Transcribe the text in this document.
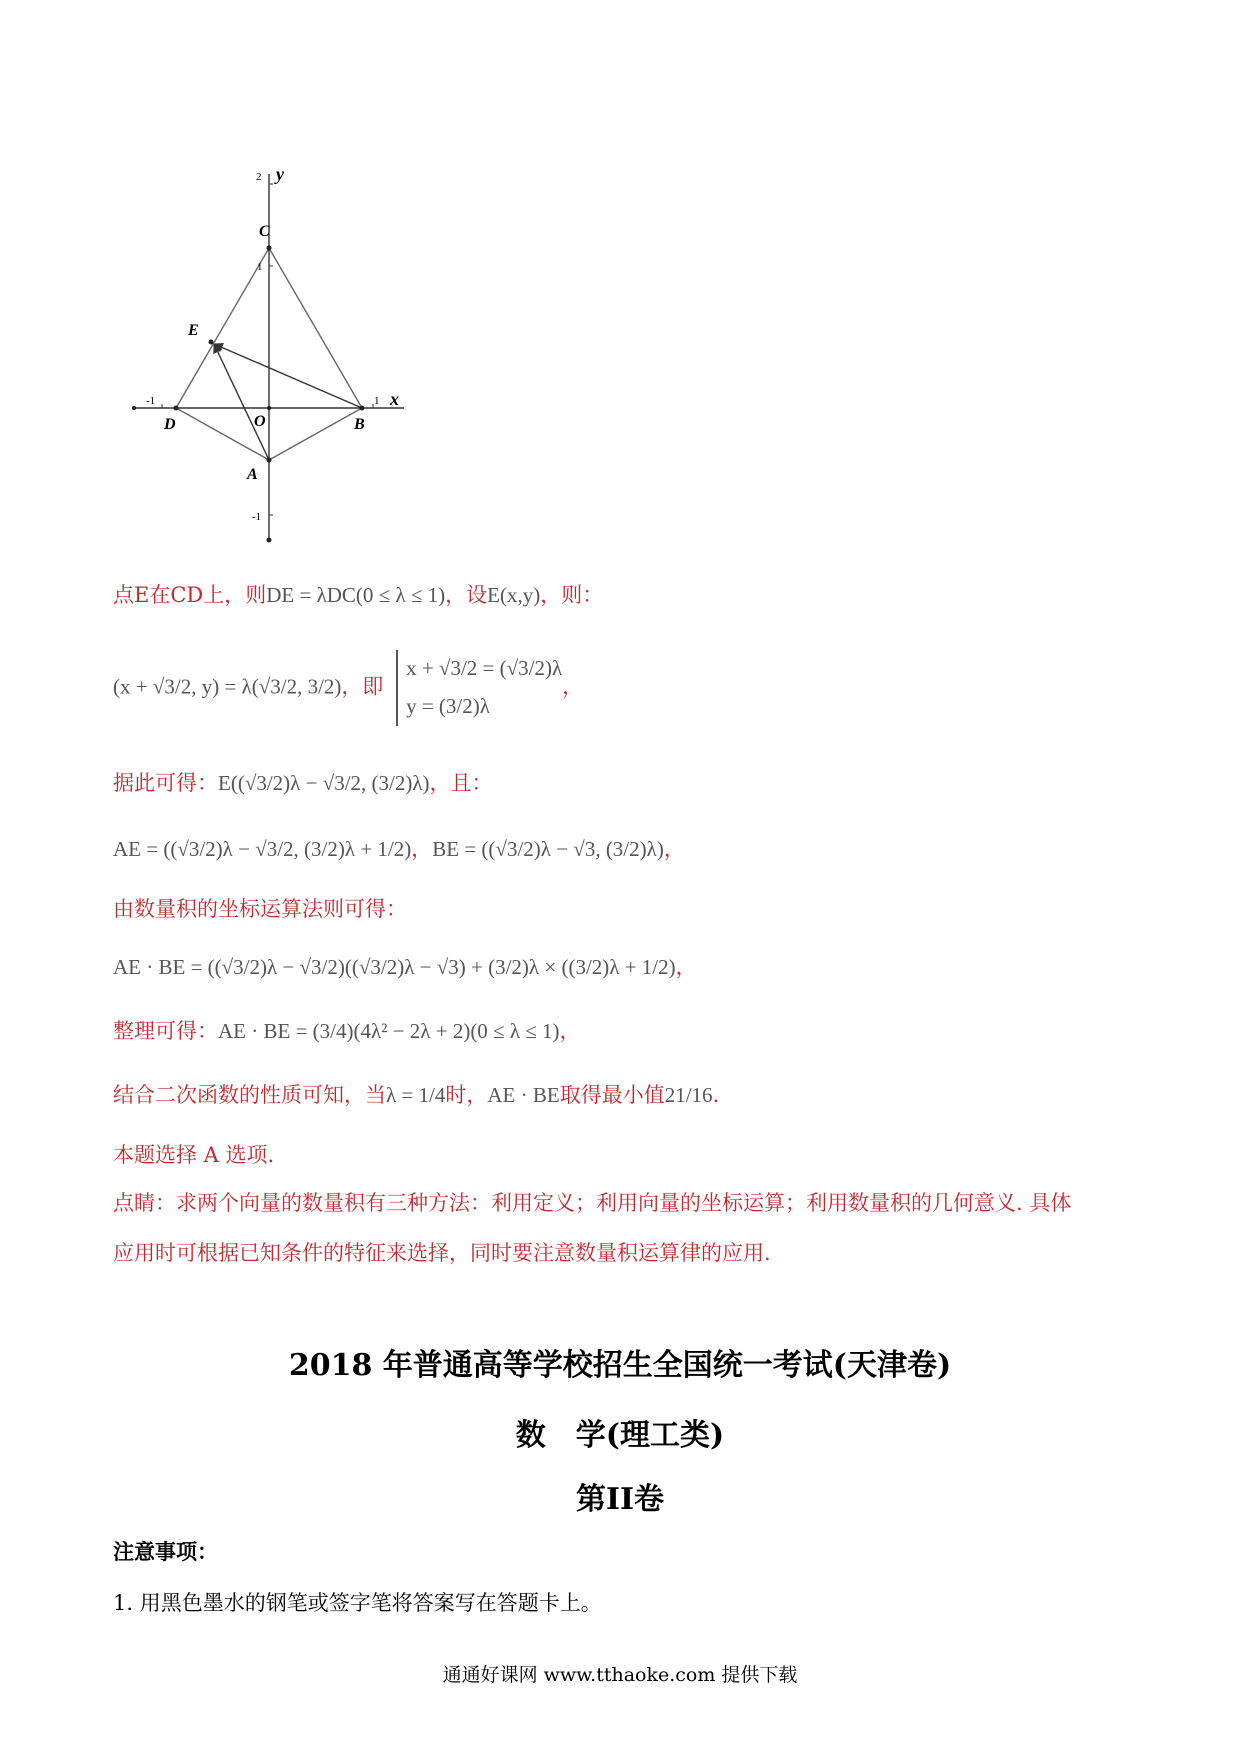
y
x
2
1
-1
-1	1
C
E
D	O	B
A
点E在CD上，则DE = λDC(0 ≤ λ ≤ 1)，设E(x,y)，则：
(x + √3/2, y) = λ(√3/2, 3/2)，即
x + √3/2 = (√3/2)λ
y = (3/2)λ
，
据此可得：E((√3/2)λ − √3/2, (3/2)λ)，且：
AE = ((√3/2)λ − √3/2, (3/2)λ + 1/2)，BE = ((√3/2)λ − √3, (3/2)λ)，
由数量积的坐标运算法则可得：
AE · BE = ((√3/2)λ − √3/2)((√3/2)λ − √3) + (3/2)λ × ((3/2)λ + 1/2)，
整理可得：AE · BE = (3/4)(4λ² − 2λ + 2)(0 ≤ λ ≤ 1)，
结合二次函数的性质可知，当λ = 1/4时，AE · BE取得最小值21/16.
本题选择 A 选项.
点睛：求两个向量的数量积有三种方法：利用定义；利用向量的坐标运算；利用数量积的几何意义. 具体
应用时可根据已知条件的特征来选择，同时要注意数量积运算律的应用.
2018 年普通高等学校招生全国统一考试(天津卷)
数　学(理工类)
第II卷
注意事项：
1. 用黑色墨水的钢笔或签字笔将答案写在答题卡上。
通通好课网 www.tthaoke.com 提供下载
